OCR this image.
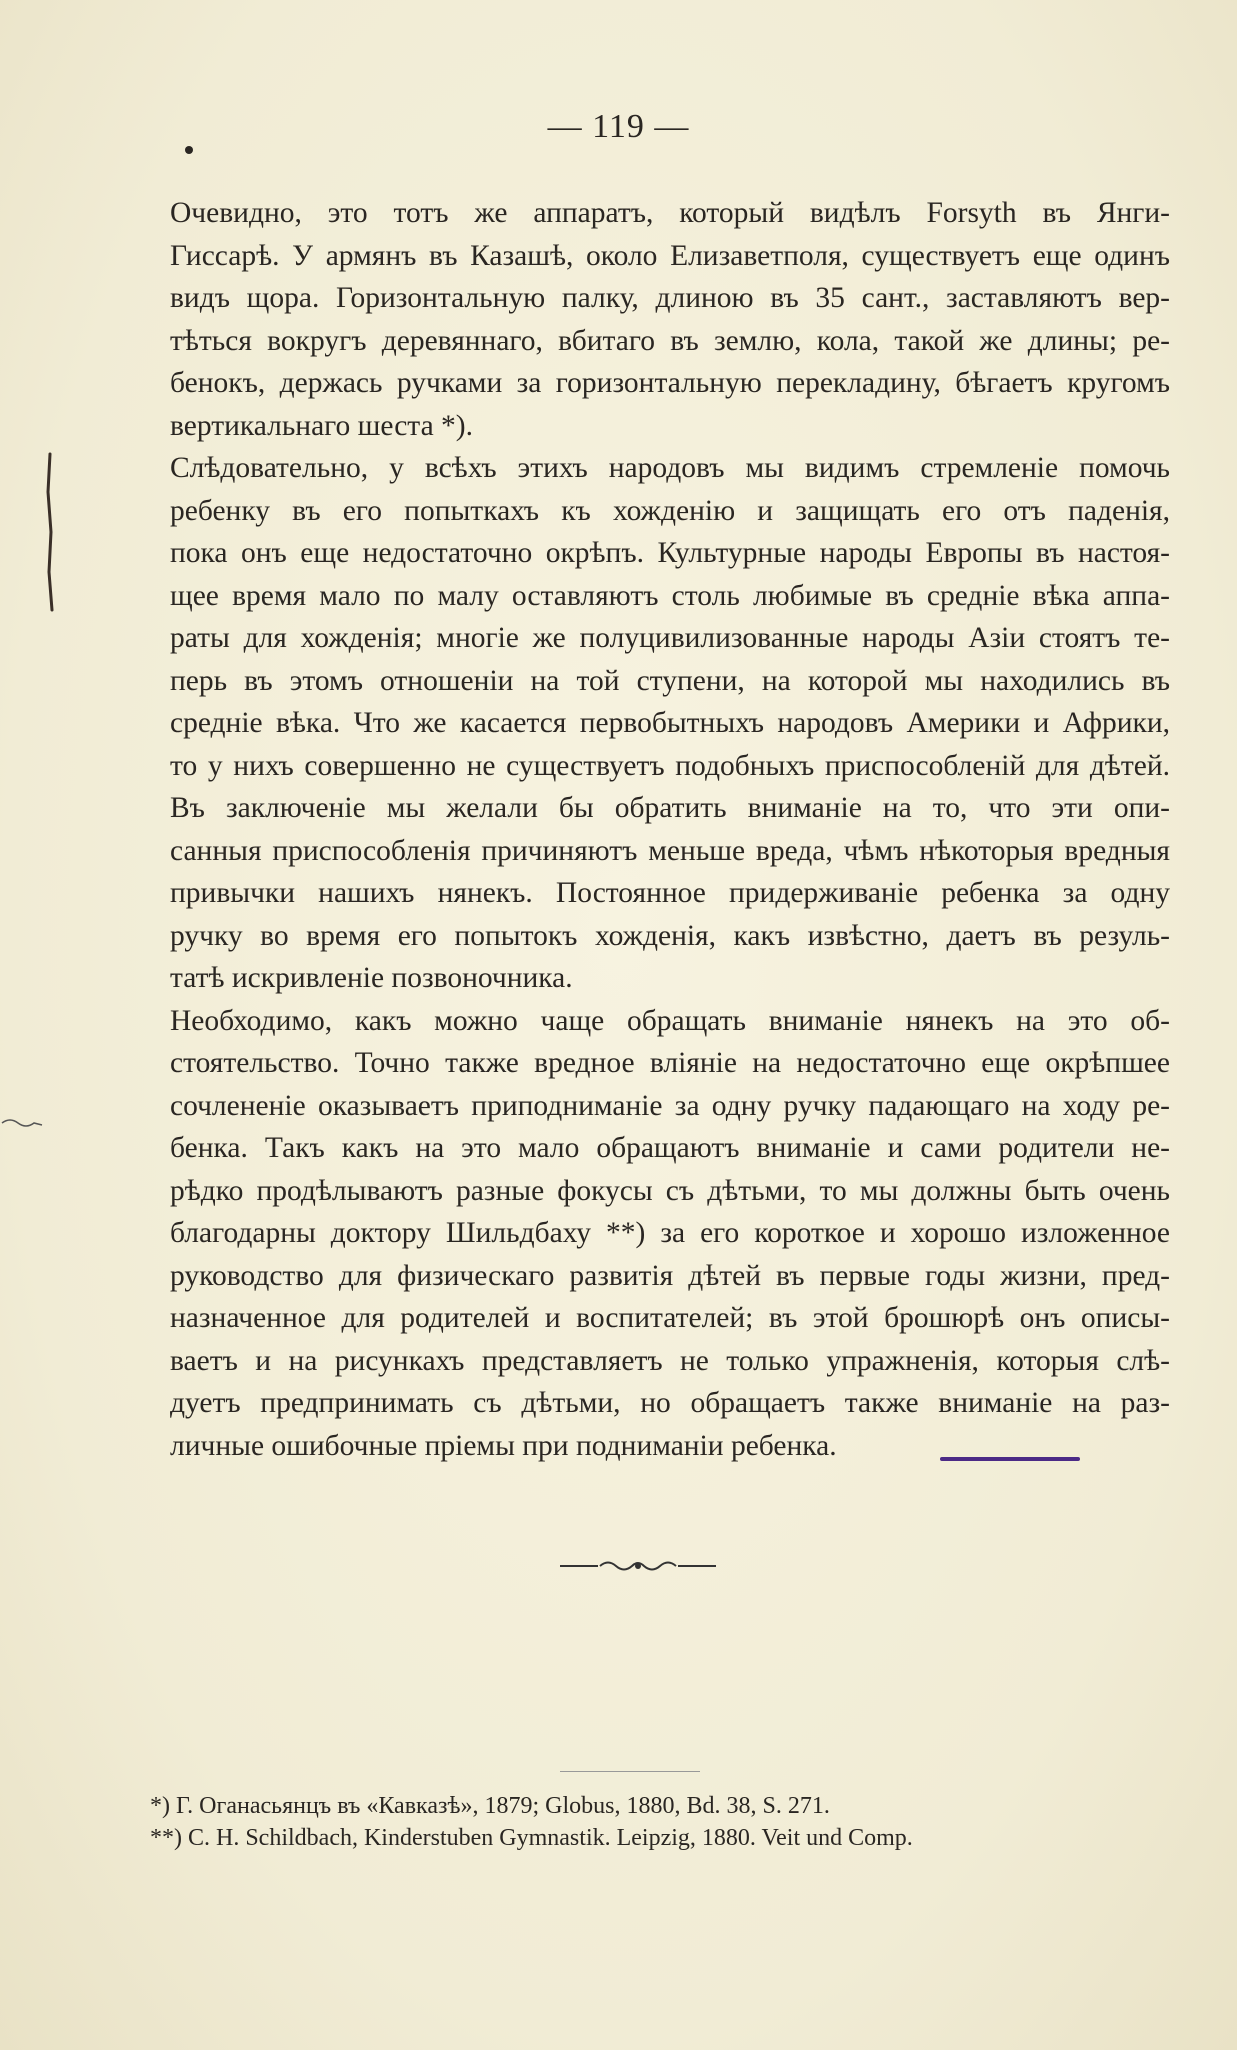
— 119 —
Очевидно, это тотъ же аппаратъ, который видѣлъ Forsyth въ Янги-
Гиссарѣ. У армянъ въ Казашѣ, около Елизаветполя, существуетъ еще одинъ
видъ щора. Горизонтальную палку, длиною въ 35 сант., заставляютъ вер-
тѣться вокругъ деревяннаго, вбитаго въ землю, кола, такой же длины; ре-
бенокъ, держась ручками за горизонтальную перекладину, бѣгаетъ кругомъ
вертикальнаго шеста *).
Слѣдовательно, у всѣхъ этихъ народовъ мы видимъ стремленіе помочь
ребенку въ его попыткахъ къ хожденію и защищать его отъ паденія,
пока онъ еще недостаточно окрѣпъ. Культурные народы Европы въ настоя-
щее время мало по малу оставляютъ столь любимые въ средніе вѣка аппа-
раты для хожденія; многіе же полуцивилизованные народы Азіи стоятъ те-
перь въ этомъ отношеніи на той ступени, на которой мы находились въ
средніе вѣка. Что же касается первобытныхъ народовъ Америки и Африки,
то у нихъ совершенно не существуетъ подобныхъ приспособленій для дѣтей.
Въ заключеніе мы желали бы обратить вниманіе на то, что эти опи-
санныя приспособленія причиняютъ меньше вреда, чѣмъ нѣкоторыя вредныя
привычки нашихъ нянекъ. Постоянное придерживаніе ребенка за одну
ручку во время его попытокъ хожденія, какъ извѣстно, даетъ въ резуль-
татѣ искривленіе позвоночника.
Необходимо, какъ можно чаще обращать вниманіе нянекъ на это об-
стоятельство. Точно также вредное вліяніе на недостаточно еще окрѣпшее
сочлененіе оказываетъ приподниманіе за одну ручку падающаго на ходу ре-
бенка. Такъ какъ на это мало обращаютъ вниманіе и сами родители не-
рѣдко продѣлываютъ разные фокусы съ дѣтьми, то мы должны быть очень
благодарны доктору Шильдбаху **) за его короткое и хорошо изложенное
руководство для физическаго развитія дѣтей въ первые годы жизни, пред-
назначенное для родителей и воспитателей; въ этой брошюрѣ онъ описы-
ваетъ и на рисункахъ представляетъ не только упражненія, которыя слѣ-
дуетъ предпринимать съ дѣтьми, но обращаетъ также вниманіе на раз-
личные ошибочные пріемы при подниманіи ребенка.
*) Г. Оганасьянцъ въ «Кавказѣ», 1879; Globus, 1880, Bd. 38, S. 271.
**) C. H. Schildbach, Kinderstuben Gymnastik. Leipzig, 1880. Veit und Comp.
